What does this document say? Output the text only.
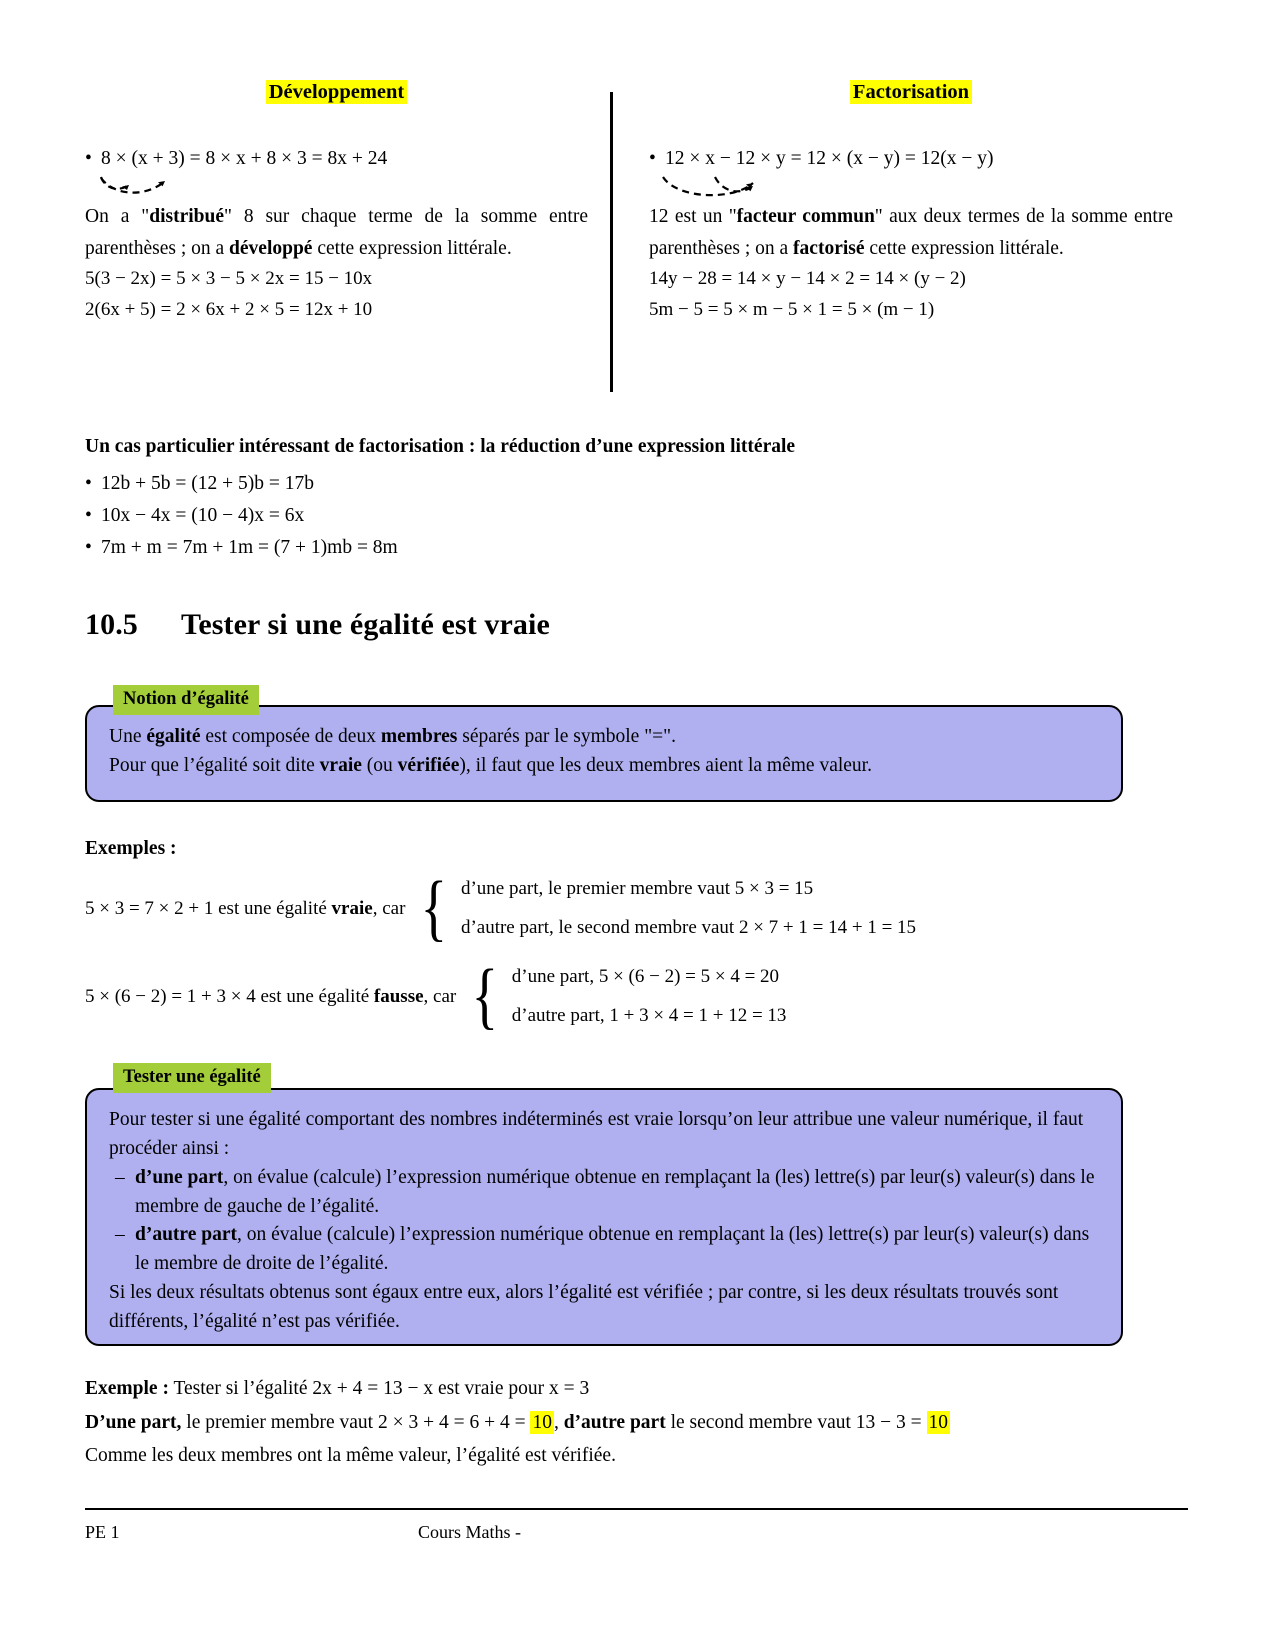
Développement
• 8 × (x + 3) = 8 × x + 8 × 3 = 8x + 24

On a "distribué" 8 sur chaque terme de la somme entre parenthèses ; on a développé cette expression littérale.

5(3 − 2x) = 5 × 3 − 5 × 2x = 15 − 10x

2(6x + 5) = 2 × 6x + 2 × 5 = 12x + 10

Factorisation
• 12 × x − 12 × y = 12 × (x − y) = 12(x − y)

12 est un "facteur commun" aux deux termes de la somme entre parenthèses ; on a factorisé cette expression littérale.

14y − 28 = 14 × y − 14 × 2 = 14 × (y − 2)

5m − 5 = 5 × m − 5 × 1 = 5 × (m − 1)

Un cas particulier intéressant de factorisation : la réduction d’une expression littérale

• 12b + 5b = (12 + 5)b = 17b

• 10x − 4x = (10 − 4)x = 6x

• 7m + m = 7m + 1m = (7 + 1)mb = 8m

10.5 Tester si une égalité est vraie
Notion d’égalité
Une égalité est composée de deux membres séparés par le symbole "=".
Pour que l’égalité soit dite vraie (ou vérifiée), il faut que les deux membres aient la même valeur.
Exemples :
5 × 3 = 7 × 2 + 1 est une égalité vraie, car { d’une part, le premier membre vaut 5 × 3 = 15
d’autre part, le second membre vaut 2 × 7 + 1 = 14 + 1 = 15
5 × (6 − 2) = 1 + 3 × 4 est une égalité fausse, car { d’une part, 5 × (6 − 2) = 5 × 4 = 20
d’autre part, 1 + 3 × 4 = 1 + 12 = 13
Tester une égalité
Pour tester si une égalité comportant des nombres indéterminés est vraie lorsqu’on leur attribue une valeur numérique, il faut procéder ainsi :
– d’une part, on évalue (calcule) l’expression numérique obtenue en remplaçant la (les) lettre(s) par leur(s) valeur(s) dans le membre de gauche de l’égalité.
– d’autre part, on évalue (calcule) l’expression numérique obtenue en remplaçant la (les) lettre(s) par leur(s) valeur(s) dans le membre de droite de l’égalité.
Si les deux résultats obtenus sont égaux entre eux, alors l’égalité est vérifiée ; par contre, si les deux résultats trouvés sont différents, l’égalité n’est pas vérifiée.
Exemple : Tester si l’égalité 2x + 4 = 13 − x est vraie pour x = 3
D’une part, le premier membre vaut 2 × 3 + 4 = 6 + 4 = 10 , d’autre part le second membre vaut 13 − 3 = 10
Comme les deux membres ont la même valeur, l’égalité est vérifiée.
PE 1	Cours Maths -
